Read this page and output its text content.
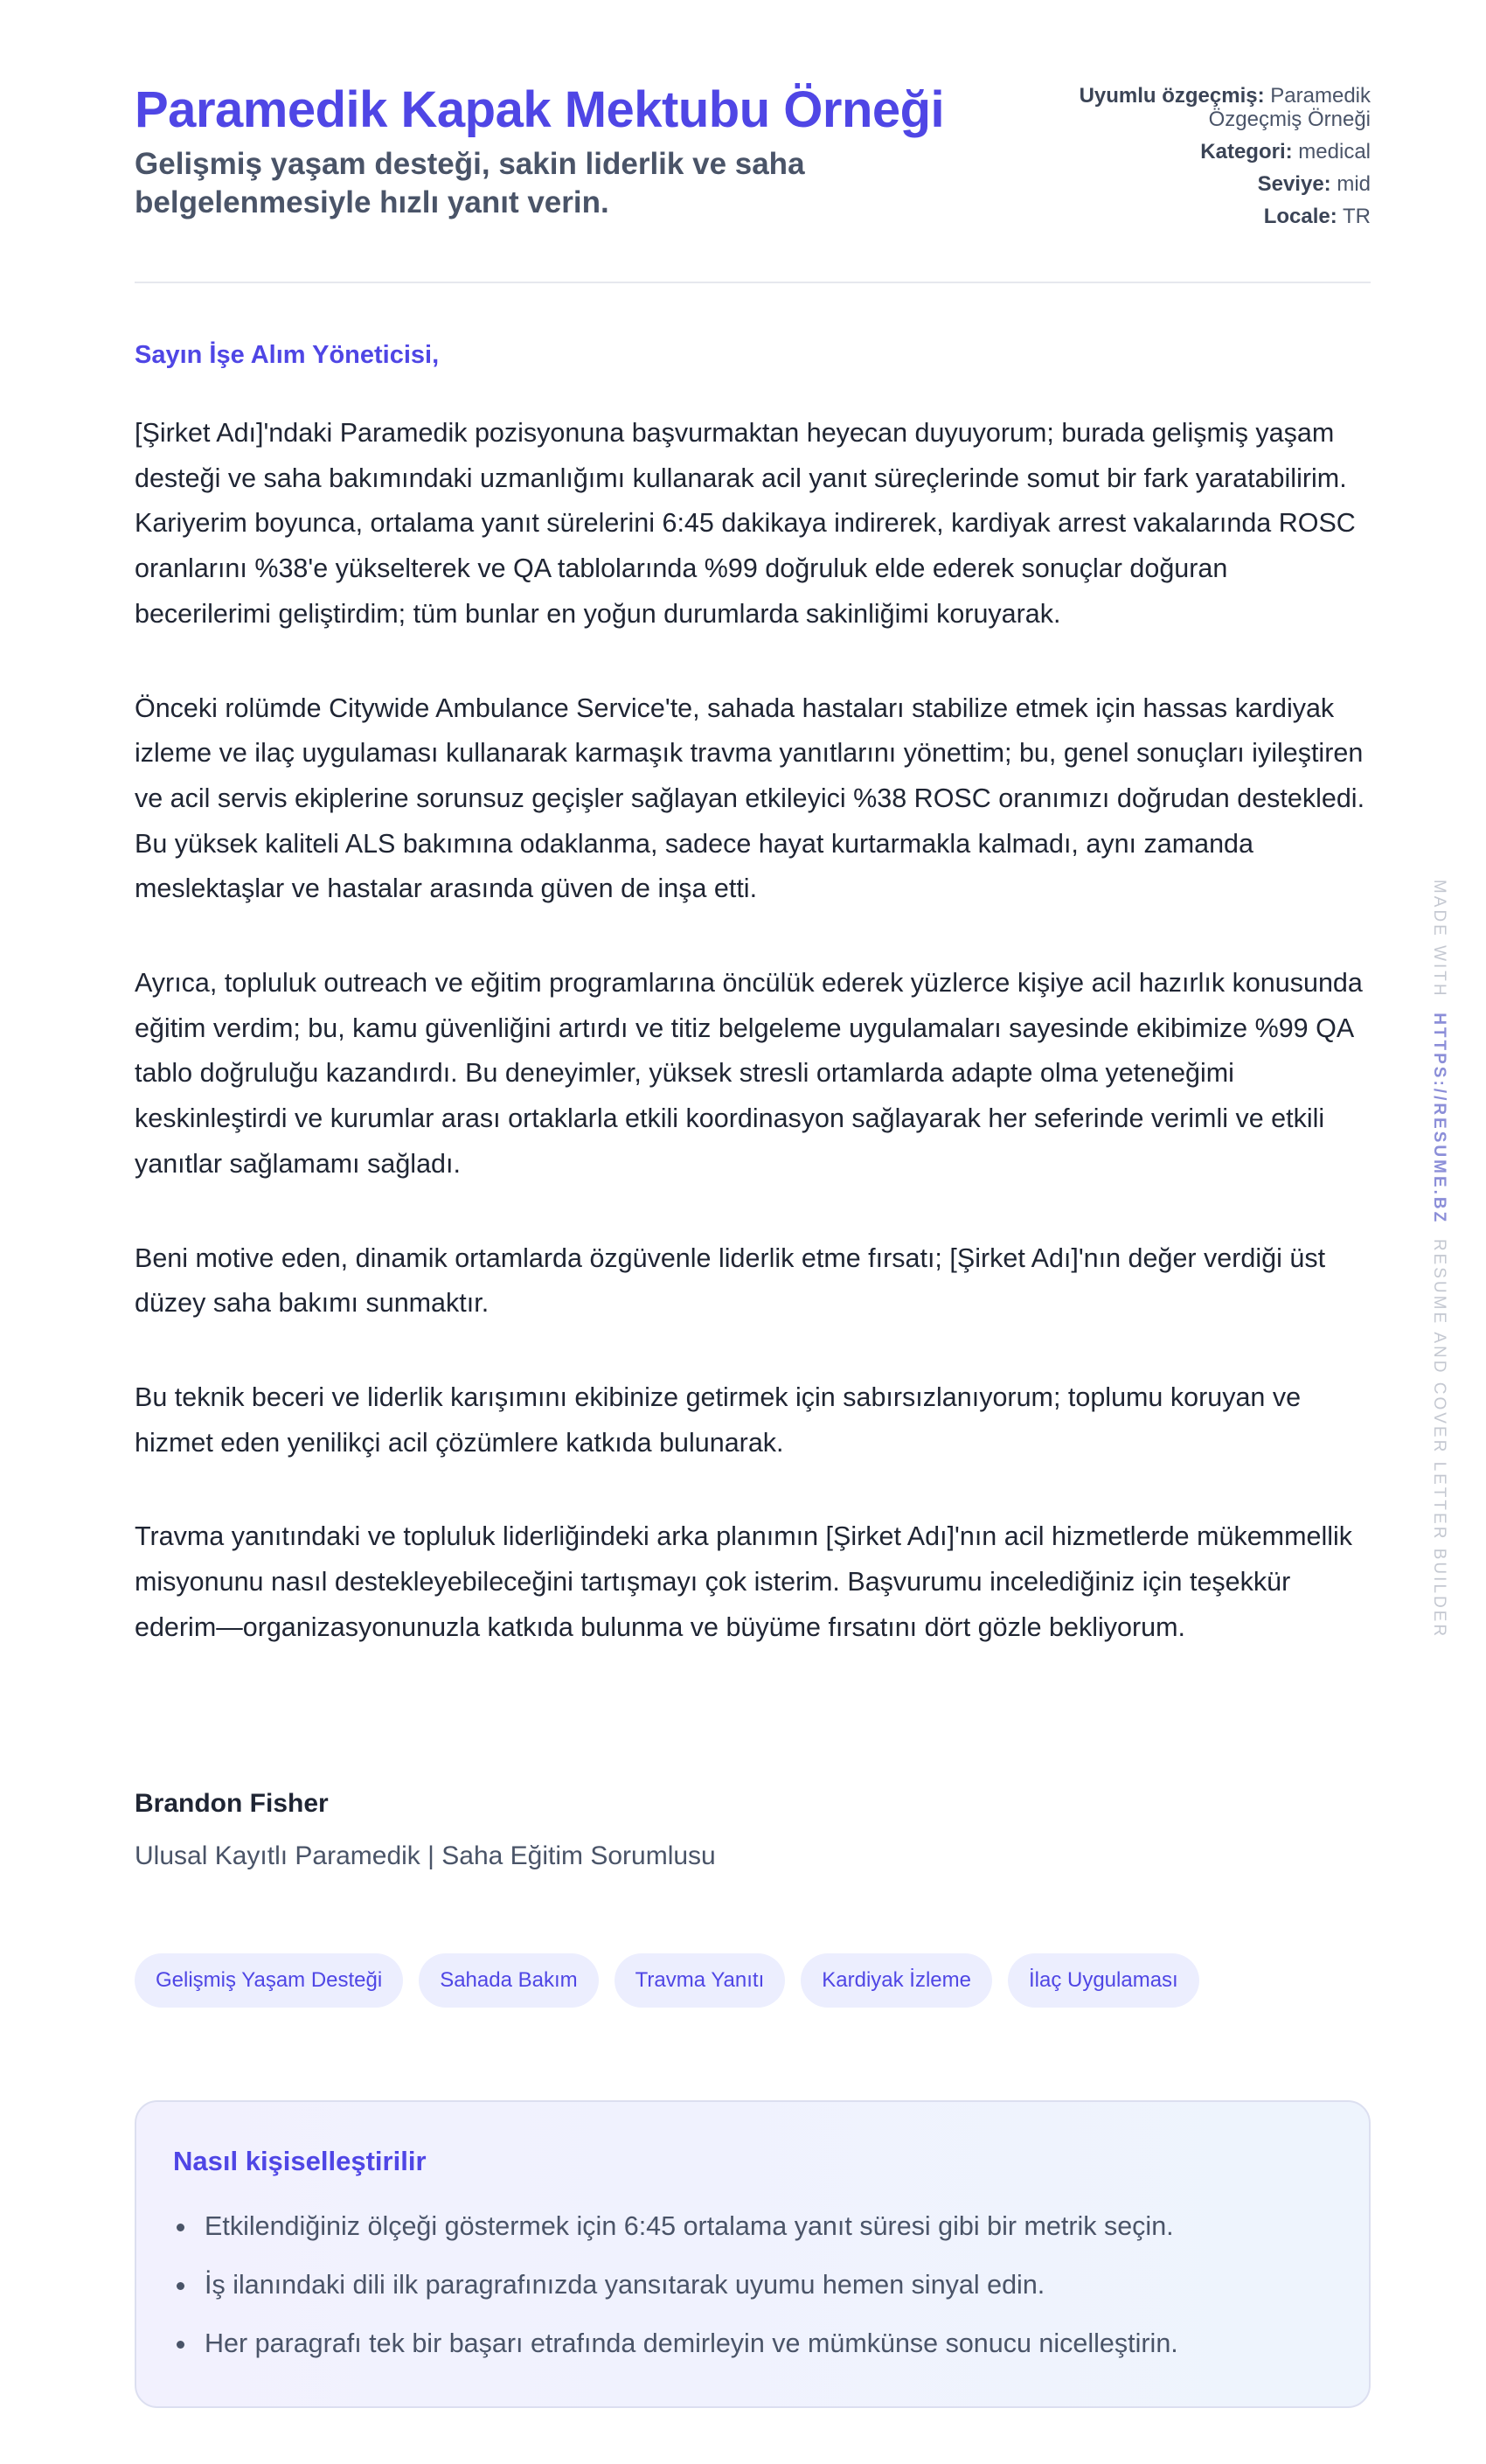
Paramedik Kapak Mektubu Örneği

Gelişmiş yaşam desteği, sakin liderlik ve saha belgelenmesiyle hızlı yanıt verin.

Uyumlu özgeçmiş: Paramedik Özgeçmiş Örneği
Kategori: medical
Seviye: mid
Locale: TR

Sayın İşe Alım Yöneticisi,

[Şirket Adı]'ndaki Paramedik pozisyonuna başvurmaktan heyecan duyuyorum; burada gelişmiş yaşam desteği ve saha bakımındaki uzmanlığımı kullanarak acil yanıt süreçlerinde somut bir fark yaratabilirim. Kariyerim boyunca, ortalama yanıt sürelerini 6:45 dakikaya indirerek, kardiyak arrest vakalarında ROSC oranlarını %38'e yükselterek ve QA tablolarında %99 doğruluk elde ederek sonuçlar doğuran becerilerimi geliştirdim; tüm bunlar en yoğun durumlarda sakinliğimi koruyarak.

Önceki rolümde Citywide Ambulance Service'te, sahada hastaları stabilize etmek için hassas kardiyak izleme ve ilaç uygulaması kullanarak karmaşık travma yanıtlarını yönettim; bu, genel sonuçları iyileştiren ve acil servis ekiplerine sorunsuz geçişler sağlayan etkileyici %38 ROSC oranımızı doğrudan destekledi. Bu yüksek kaliteli ALS bakımına odaklanma, sadece hayat kurtarmakla kalmadı, aynı zamanda meslektaşlar ve hastalar arasında güven de inşa etti.

Ayrıca, topluluk outreach ve eğitim programlarına öncülük ederek yüzlerce kişiye acil hazırlık konusunda eğitim verdim; bu, kamu güvenliğini artırdı ve titiz belgeleme uygulamaları sayesinde ekibimize %99 QA tablo doğruluğu kazandırdı. Bu deneyimler, yüksek stresli ortamlarda adapte olma yeteneğimi keskinleştirdi ve kurumlar arası ortaklarla etkili koordinasyon sağlayarak her seferinde verimli ve etkili yanıtlar sağlamamı sağladı.

Beni motive eden, dinamik ortamlarda özgüvenle liderlik etme fırsatı; [Şirket Adı]'nın değer verdiği üst düzey saha bakımı sunmaktır.

Bu teknik beceri ve liderlik karışımını ekibinize getirmek için sabırsızlanıyorum; toplumu koruyan ve hizmet eden yenilikçi acil çözümlere katkıda bulunarak.

Travma yanıtındaki ve topluluk liderliğindeki arka planımın [Şirket Adı]'nın acil hizmetlerde mükemmellik misyonunu nasıl destekleyebileceğini tartışmayı çok isterim. Başvurumu incelediğiniz için teşekkür ederim—organizasyonunuzla katkıda bulunma ve büyüme fırsatını dört gözle bekliyorum.

Brandon Fisher

Ulusal Kayıtlı Paramedik | Saha Eğitim Sorumlusu

Gelişmiş Yaşam Desteği	Sahada Bakım	Travma Yanıtı	Kardiyak İzleme	İlaç Uygulaması
Nasıl kişiselleştirilir
Etkilendiğiniz ölçeği göstermek için 6:45 ortalama yanıt süresi gibi bir metrik seçin.
İş ilanındaki dili ilk paragrafınızda yansıtarak uyumu hemen sinyal edin.
Her paragrafı tek bir başarı etrafında demirleyin ve mümkünse sonucu nicelleştirin.
MADE WITH  HTTPS://RESUME.BZ  RESUME AND COVER LETTER BUILDER
